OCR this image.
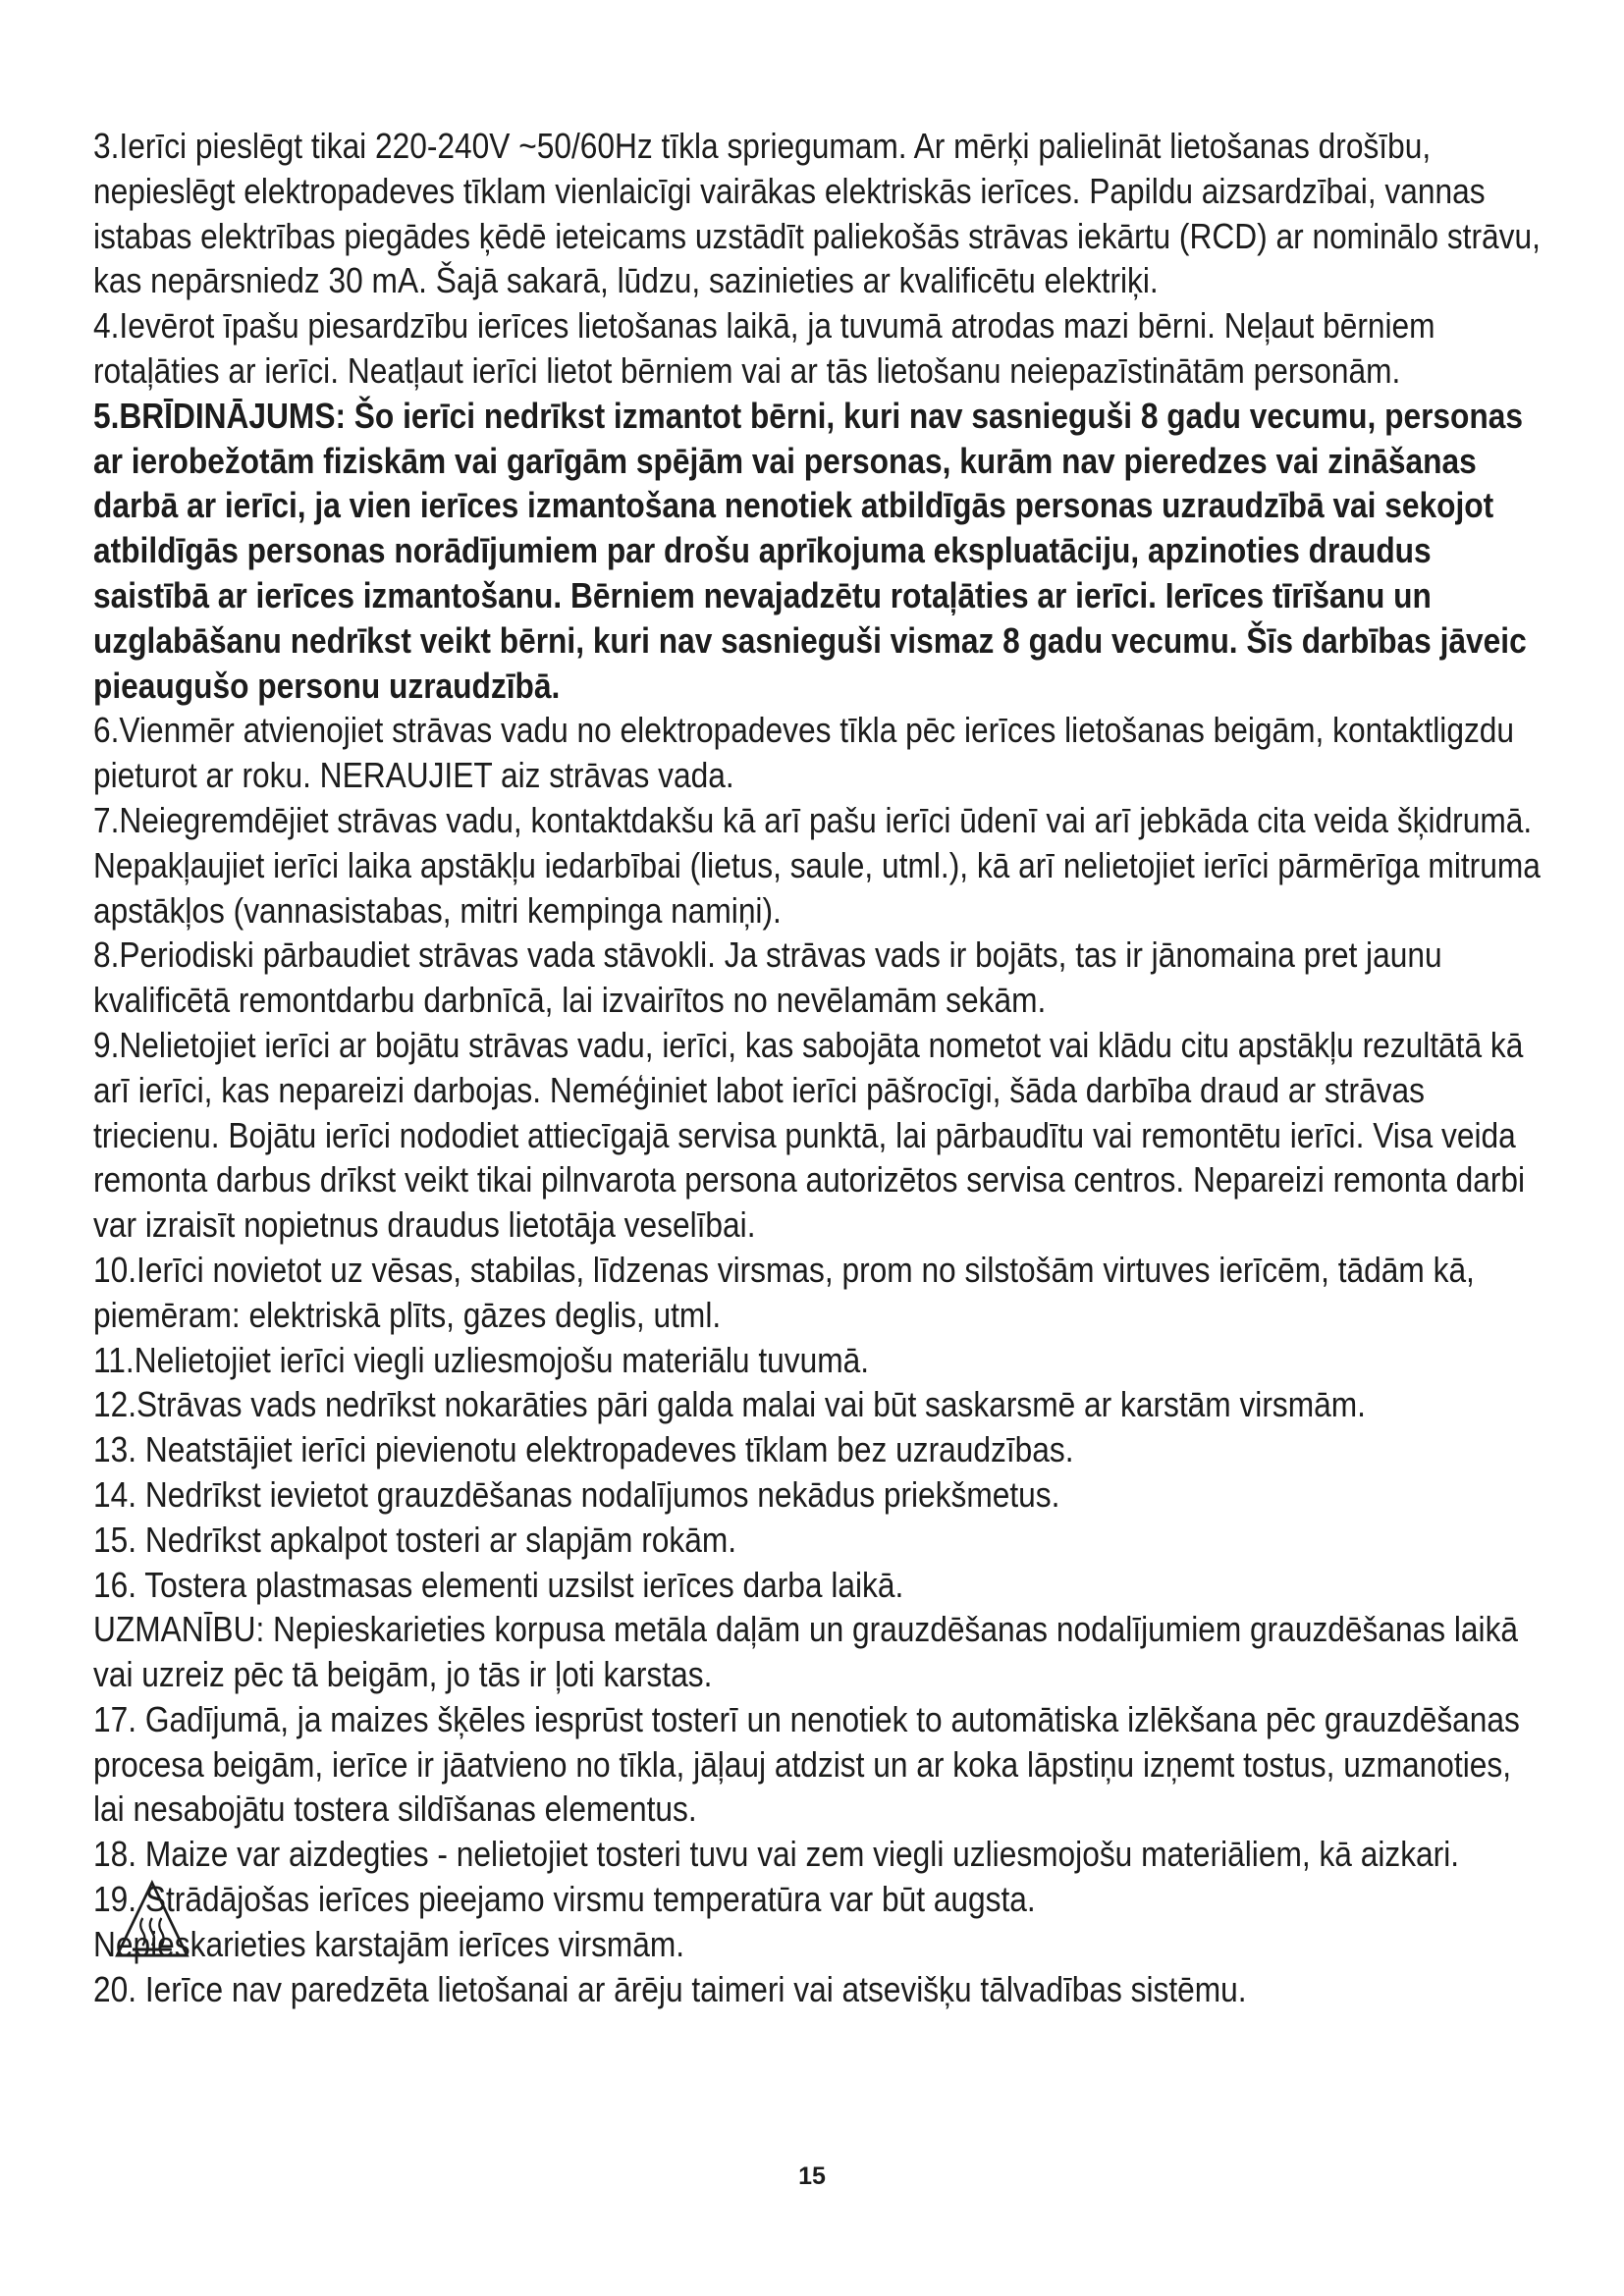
3.Ierīci pieslēgt tikai 220-240V ~50/60Hz tīkla spriegumam. Ar mērķi palielināt lietošanas drošību, nepieslēgt elektropadeves tīklam vienlaicīgi vairākas elektriskās ierīces. Papildu aizsardzībai, vannas istabas elektrības piegādes ķēdē ieteicams uzstādīt paliekošās strāvas iekārtu (RCD) ar nominālo strāvu, kas nepārsniedz 30 mA. Šajā sakarā, lūdzu, sazinieties ar kvalificētu elektriķi.

4.Ievērot īpašu piesardzību ierīces lietošanas laikā, ja tuvumā atrodas mazi bērni. Neļaut bērniem rotaļāties ar ierīci. Neatļaut ierīci lietot bērniem vai ar tās lietošanu neiepazīstinātām personām.

5.BRĪDINĀJUMS: Šo ierīci nedrīkst izmantot bērni, kuri nav sasnieguši 8 gadu vecumu, personas ar ierobežotām fiziskām vai garīgām spējām vai personas, kurām nav pieredzes vai zināšanas darbā ar ierīci, ja vien ierīces izmantošana nenotiek atbildīgās personas uzraudzībā vai sekojot atbildīgās personas norādījumiem par drošu aprīkojuma ekspluatāciju, apzinoties draudus saistībā ar ierīces izmantošanu. Bērniem nevajadzētu rotaļāties ar ierīci. Ierīces tīrīšanu un uzglabāšanu nedrīkst veikt bērni, kuri nav sasnieguši vismaz 8 gadu vecumu. Šīs darbības jāveic pieaugušo personu uzraudzībā.

6.Vienmēr atvienojiet strāvas vadu no elektropadeves tīkla pēc ierīces lietošanas beigām, kontaktligzdu pieturot ar roku. NERAUJIET aiz strāvas vada.

7.Neiegremdējiet strāvas vadu, kontaktdakšu kā arī pašu ierīci ūdenī vai arī jebkāda cita veida šķidrumā. Nepakļaujiet ierīci laika apstākļu iedarbībai (lietus, saule, utml.), kā arī nelietojiet ierīci pārmērīga mitruma apstākļos (vannasistabas, mitri kempinga namiņi).

8.Periodiski pārbaudiet strāvas vada stāvokli. Ja strāvas vads ir bojāts, tas ir jānomaina pret jaunu kvalificētā remontdarbu darbnīcā, lai izvairītos no nevēlamām sekām.

9.Nelietojiet ierīci ar bojātu strāvas vadu, ierīci, kas sabojāta nometot vai klādu citu apstākļu rezultātā kā arī ierīci, kas nepareizi darbojas. Neméģiniet labot ierīci pāšrocīgi, šāda darbība draud ar strāvas triecienu. Bojātu ierīci nododiet attiecīgajā servisa punktā, lai pārbaudītu vai remontētu ierīci. Visa veida remonta darbus drīkst veikt tikai pilnvarota persona autorizētos servisa centros. Nepareizi remonta darbi var izraisīt nopietnus draudus lietotāja veselībai.

10.Ierīci novietot uz vēsas, stabilas, līdzenas virsmas, prom no silstošām virtuves ierīcēm, tādām kā, piemēram: elektriskā plīts, gāzes deglis, utml.

11.Nelietojiet ierīci viegli uzliesmojošu materiālu tuvumā.

12.Strāvas vads nedrīkst nokarāties pāri galda malai vai būt saskarsmē ar karstām virsmām.

13. Neatstājiet ierīci pievienotu elektropadeves tīklam bez uzraudzības.

14. Nedrīkst ievietot grauzdēšanas nodalījumos nekādus priekšmetus.

15. Nedrīkst apkalpot tosteri ar slapjām rokām.

16. Tostera plastmasas elementi uzsilst ierīces darba laikā.

UZMANĪBU: Nepieskarieties korpusa metāla daļām un grauzdēšanas nodalījumiem grauzdēšanas laikā vai uzreiz pēc tā beigām, jo tās ir ļoti karstas.

17. Gadījumā, ja maizes šķēles iesprūst tosterī un nenotiek to automātiska izlēkšana pēc grauzdēšanas procesa beigām, ierīce ir jāatvieno no tīkla, jāļauj atdzist un ar koka lāpstiņu izņemt tostus, uzmanoties, lai nesabojātu tostera sildīšanas elementus.

18. Maize var aizdegties - nelietojiet tosteri tuvu vai zem viegli uzliesmojošu materiāliem, kā aizkari.

19. Strādājošas ierīces pieejamo virsmu temperatūra var būt augsta.
Nepieskarieties karstajām ierīces virsmām.

20. Ierīce nav paredzēta lietošanai ar ārēju taimeri vai atsevišķu tālvadības sistēmu.

15
